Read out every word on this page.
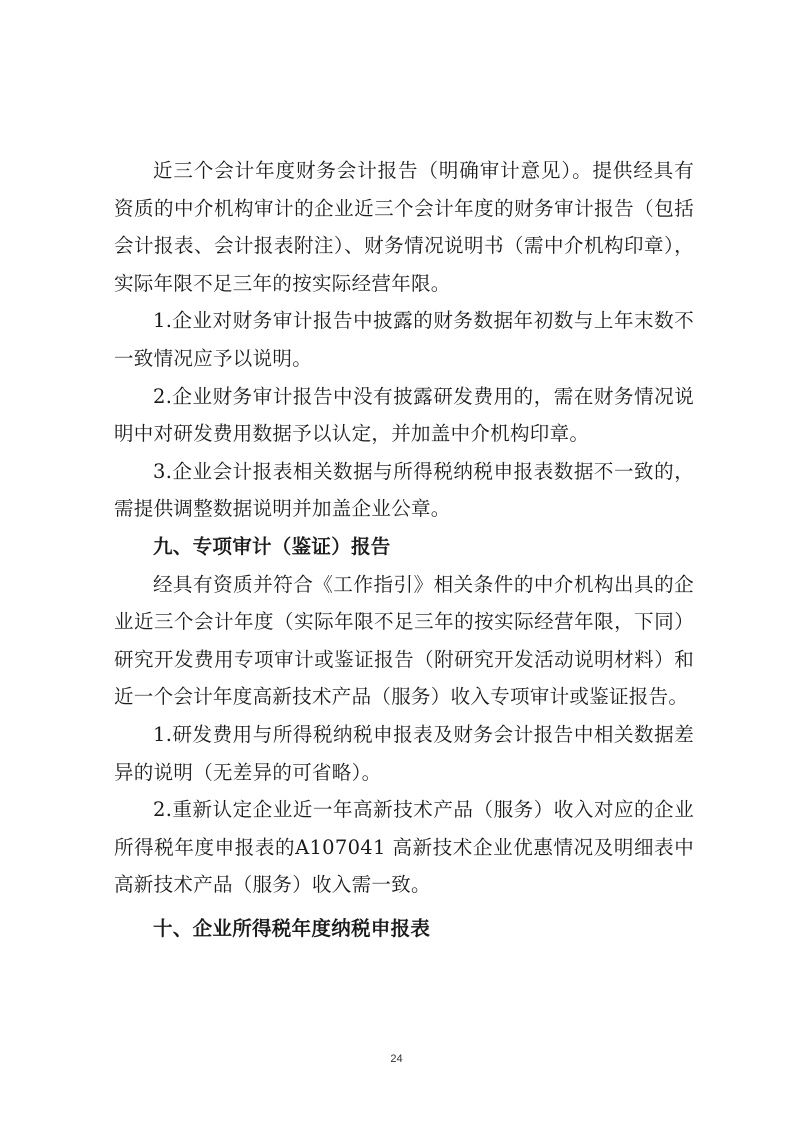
近三个会计年度财务会计报告（明确审计意见）。提供经具有资质的中介机构审计的企业近三个会计年度的财务审计报告（包括会计报表、会计报表附注）、财务情况说明书（需中介机构印章），实际年限不足三年的按实际经营年限。

1.企业对财务审计报告中披露的财务数据年初数与上年末数不一致情况应予以说明。

2.企业财务审计报告中没有披露研发费用的，需在财务情况说明中对研发费用数据予以认定，并加盖中介机构印章。

3.企业会计报表相关数据与所得税纳税申报表数据不一致的，需提供调整数据说明并加盖企业公章。

九、专项审计（鉴证）报告

经具有资质并符合《工作指引》相关条件的中介机构出具的企业近三个会计年度（实际年限不足三年的按实际经营年限，下同）研究开发费用专项审计或鉴证报告（附研究开发活动说明材料）和近一个会计年度高新技术产品（服务）收入专项审计或鉴证报告。

1.研发费用与所得税纳税申报表及财务会计报告中相关数据差异的说明（无差异的可省略）。

2.重新认定企业近一年高新技术产品（服务）收入对应的企业所得税年度申报表的A107041 高新技术企业优惠情况及明细表中高新技术产品（服务）收入需一致。

十、企业所得税年度纳税申报表
24
